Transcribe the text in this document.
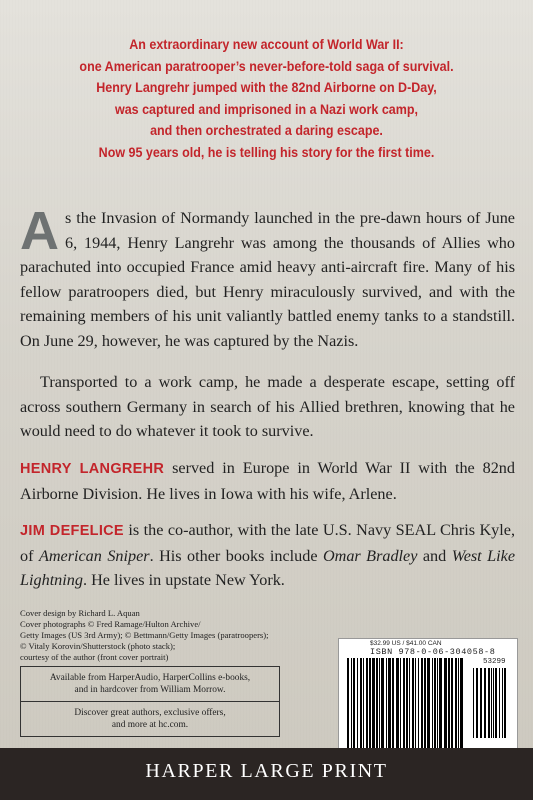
An extraordinary new account of World War II:
one American paratrooper’s never-before-told saga of survival.
Henry Langrehr jumped with the 82nd Airborne on D-Day,
was captured and imprisoned in a Nazi work camp,
and then orchestrated a daring escape.
Now 95 years old, he is telling his story for the first time.
As the Invasion of Normandy launched in the pre-dawn hours of June 6, 1944, Henry Langrehr was among the thousands of Allies who parachuted into occupied France amid heavy anti-aircraft fire. Many of his fellow paratroopers died, but Henry miraculously survived, and with the remaining members of his unit valiantly battled enemy tanks to a standstill. On June 29, however, he was captured by the Nazis.
Transported to a work camp, he made a desperate escape, setting off across southern Germany in search of his Allied brethren, knowing that he would need to do whatever it took to survive.
HENRY LANGREHR served in Europe in World War II with the 82nd Airborne Division. He lives in Iowa with his wife, Arlene.
JIM DEFELICE is the co-author, with the late U.S. Navy SEAL Chris Kyle, of American Sniper. His other books include Omar Bradley and West Like Lightning. He lives in upstate New York.
Cover design by Richard L. Aquan
Cover photographs © Fred Ramage/Hulton Archive/
Getty Images (US 3rd Army); © Bettmann/Getty Images (paratroopers);
© Vitaly Korovin/Shutterstock (photo stack);
courtesy of the author (front cover portrait)
Available from HarperAudio, HarperCollins e-books,
and in hardcover from William Morrow.
Discover great authors, exclusive offers,
and more at hc.com.
$32.99 US / $41.00 CAN
ISBN 978-0-06-304058-8
53299
HARPER LARGE PRINT
